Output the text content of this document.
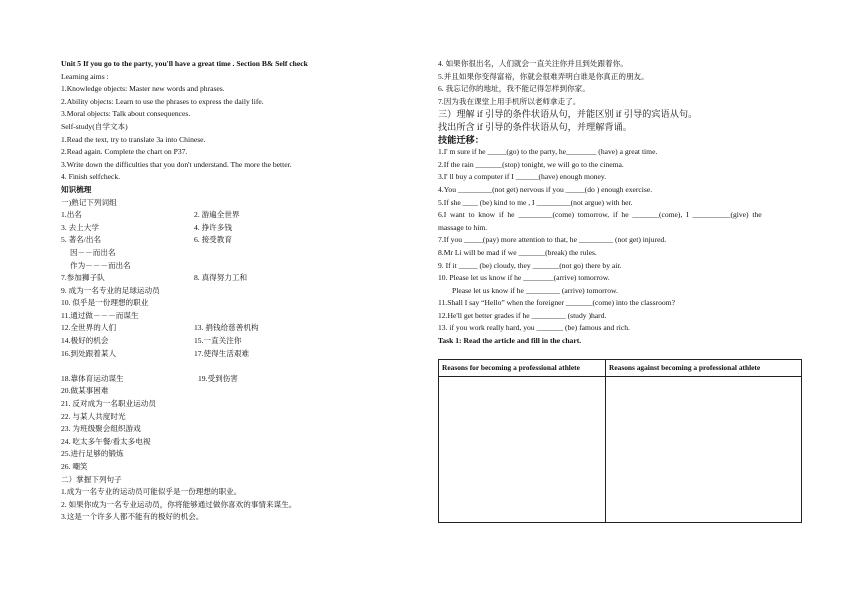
Unit 5 If you go to the party, you'll have a great time . Section B& Self check
Learning aims :
1.Knowledge objects: Master new words and phrases.
2.Ability objects: Learn to use the phrases to express the daily life.
3.Moral objects: Talk about consequences.
Self-study(自学文本)
1.Read the text, try to translate 3a into Chinese.
2.Read again. Complete the chart on P37.
3.Write down the difficulties that you don't understand. The more the better.
4. Finish selfcheck.
知识梳理
一)熟记下列词组
1.出名	2. 游遍全世界
3. 去上大学	4. 挣许多钱
5. 著名/出名	6. 接受教育
因－－而出名
作为－－－而出名
7.参加狮子队	8. 真得努力工和
9. 成为一名专业的足球运动员
10. 似乎是一份理想的职业
11.通过做－－－而谋生
12.全世界的人们	13. 捐钱给慈善机构
14.极好的机会	15.一直关注你
16.到处跟着某人	17.使得生活艰难
18.靠体育运动谋生	19.受到伤害
20.做某事困难
21. 反对成为一名职业运动员
22. 与某人共度时光
23. 为班级聚会组织游戏
24. 吃太多午餐/看太多电视
25.进行足够的锻炼
26. 嘲笑
二）掌握下列句子
1.成为一名专业的运动员可能似乎是一份理想的职业。
2. 如果你成为一名专业运动员，你将能够通过做你喜欢的事情来谋生。
3.这是一个许多人都不能有的极好的机会。
4. 如果你很出名，人们就会一直关注你并且到处跟着你。
5.并且如果你变得富裕，你就会很难弄明白谁是你真正的朋友。
6. 我忘记你的地址，我不能记得怎样到你家。
7.因为我在课堂上用手机所以老师拿走了。
三）理解 if 引导的条件状语从句，并能区别 if 引导的宾语从句。
找出所含 if 引导的条件状语从句，并理解背诵。
技能迁移：
1.I' m sure if he _____(go) to the party, he________ (have) a great time.
2.If the rain _______(stop) tonight, we will go to the cinema.
3.I' ll buy a computer if I ______(have) enough money.
4.You _________(not get) nervous if you _____(do ) enough exercise.
5.If she ____ (be) kind to me , I _________(not argue) with her.
6.I  want  to  know  if  he  _________(come)  tomorrow,  if  he  _______(come),  I  __________(give)  the
massage to him.
7.If you _____(pay) more attention to that, he _________ (not get) injured.
8.Mr Li will be mad if we _______(break) the rules.
9. If it _____ (be) cloudy, they _______(not go) there by air.
10. Please let us know if he ________(arrive) tomorrow.
Please let us know if he _________ (arrive) tomorrow.
11.Shall I say “Hello” when the foreigner _______(come) into the classroom?
12.He'll get better grades if he _________ (study )hard.
13. if you work really hard, you _______ (be) famous and rich.
Task 1: Read the article and fill in the chart.
Reasons for becoming a professional athlete	Reasons against becoming a professional athlete
